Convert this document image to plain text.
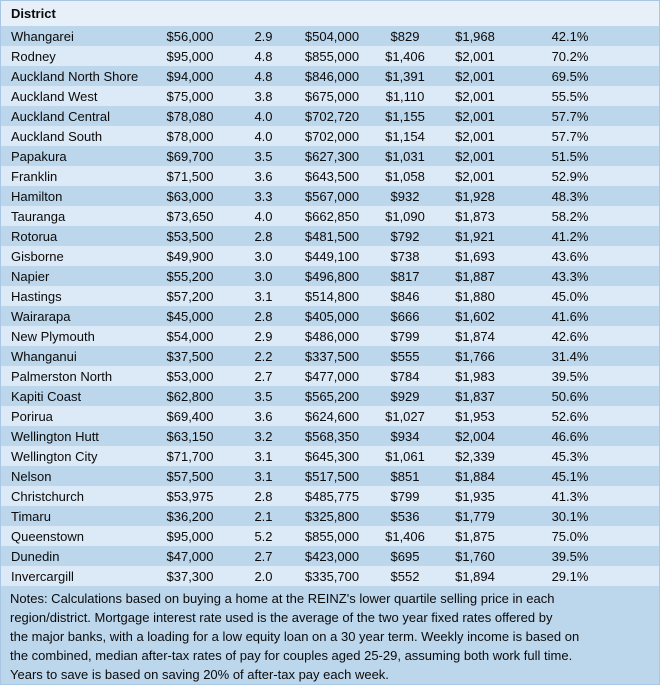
District
Whangarei	$56,000	2.9	$504,000	$829	$1,968	42.1%
Rodney	$95,000	4.8	$855,000	$1,406	$2,001	70.2%
Auckland North Shore	$94,000	4.8	$846,000	$1,391	$2,001	69.5%
Auckland West	$75,000	3.8	$675,000	$1,110	$2,001	55.5%
Auckland Central	$78,080	4.0	$702,720	$1,155	$2,001	57.7%
Auckland South	$78,000	4.0	$702,000	$1,154	$2,001	57.7%
Papakura	$69,700	3.5	$627,300	$1,031	$2,001	51.5%
Franklin	$71,500	3.6	$643,500	$1,058	$2,001	52.9%
Hamilton	$63,000	3.3	$567,000	$932	$1,928	48.3%
Tauranga	$73,650	4.0	$662,850	$1,090	$1,873	58.2%
Rotorua	$53,500	2.8	$481,500	$792	$1,921	41.2%
Gisborne	$49,900	3.0	$449,100	$738	$1,693	43.6%
Napier	$55,200	3.0	$496,800	$817	$1,887	43.3%
Hastings	$57,200	3.1	$514,800	$846	$1,880	45.0%
Wairarapa	$45,000	2.8	$405,000	$666	$1,602	41.6%
New Plymouth	$54,000	2.9	$486,000	$799	$1,874	42.6%
Whanganui	$37,500	2.2	$337,500	$555	$1,766	31.4%
Palmerston North	$53,000	2.7	$477,000	$784	$1,983	39.5%
Kapiti Coast	$62,800	3.5	$565,200	$929	$1,837	50.6%
Porirua	$69,400	3.6	$624,600	$1,027	$1,953	52.6%
Wellington Hutt	$63,150	3.2	$568,350	$934	$2,004	46.6%
Wellington City	$71,700	3.1	$645,300	$1,061	$2,339	45.3%
Nelson	$57,500	3.1	$517,500	$851	$1,884	45.1%
Christchurch	$53,975	2.8	$485,775	$799	$1,935	41.3%
Timaru	$36,200	2.1	$325,800	$536	$1,779	30.1%
Queenstown	$95,000	5.2	$855,000	$1,406	$1,875	75.0%
Dunedin	$47,000	2.7	$423,000	$695	$1,760	39.5%
Invercargill	$37,300	2.0	$335,700	$552	$1,894	29.1%
Notes: Calculations based on buying a home at the REINZ's lower quartile selling price in each
region/district. Mortgage interest rate used is the average of the two year fixed rates offered by
the major banks, with a loading for a low equity loan on a 30 year term. Weekly income is based on
the combined, median after-tax rates of pay for couples aged 25-29, assuming both work full time.
Years to save is based on saving 20% of after-tax pay each week.
